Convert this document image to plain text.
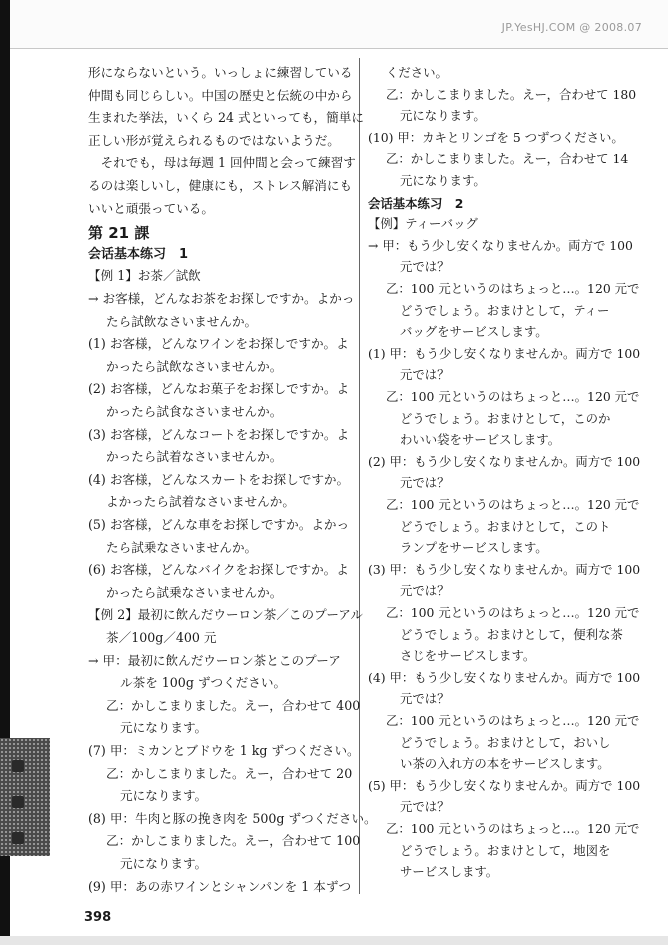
JP.YesHJ.COM @ 2008.07
形にならないという。いっしょに練習している
仲間も同じらしい。中国の歴史と伝統の中から
生まれた挙法，いくら 24 式といっても，簡単に
正しい形が覚えられるものではないようだ。
　それでも，母は毎週 1 回仲間と会って練習す
るのは楽しいし，健康にも，ストレス解消にも
いいと頑張っている。
第 21 課
会话基本练习　1
【例 1】お茶／試飲
→ お客様，どんなお茶をお探しですか。よかっ
たら試飲なさいませんか。
(1) お客様，どんなワインをお探しですか。よ
かったら試飲なさいませんか。
(2) お客様，どんなお菓子をお探しですか。よ
かったら試食なさいませんか。
(3) お客様，どんなコートをお探しですか。よ
かったら試着なさいませんか。
(4) お客様，どんなスカートをお探しですか。
よかったら試着なさいませんか。
(5) お客様，どんな車をお探しですか。よかっ
たら試乗なさいませんか。
(6) お客様，どんなバイクをお探しですか。よ
かったら試乗なさいませんか。
【例 2】最初に飲んだウーロン茶／このプーアル
茶／100g／400 元
→ 甲：最初に飲んだウーロン茶とこのプーア
ル茶を 100g ずつください。
乙：かしこまりました。えー，合わせて 400
元になります。
(7) 甲：ミカンとブドウを 1 kg ずつください。
乙：かしこまりました。えー，合わせて 20
元になります。
(8) 甲：牛肉と豚の挽き肉を 500g ずつください。
乙：かしこまりました。えー，合わせて 100
元になります。
(9) 甲：あの赤ワインとシャンパンを 1 本ずつ
ください。
乙：かしこまりました。えー，合わせて 180
元になります。
(10) 甲：カキとリンゴを 5 つずつください。
乙：かしこまりました。えー，合わせて 14
元になります。
会话基本练习　2
【例】ティーバッグ
→ 甲：もう少し安くなりませんか。両方で 100
元では？
乙：100 元というのはちょっと…。120 元で
どうでしょう。おまけとして，ティー
バッグをサービスします。
(1) 甲：もう少し安くなりませんか。両方で 100
元では？
乙：100 元というのはちょっと…。120 元で
どうでしょう。おまけとして，このか
わいい袋をサービスします。
(2) 甲：もう少し安くなりませんか。両方で 100
元では？
乙：100 元というのはちょっと…。120 元で
どうでしょう。おまけとして，このト
ランプをサービスします。
(3) 甲：もう少し安くなりませんか。両方で 100
元では？
乙：100 元というのはちょっと…。120 元で
どうでしょう。おまけとして，便利な茶
さじをサービスします。
(4) 甲：もう少し安くなりませんか。両方で 100
元では？
乙：100 元というのはちょっと…。120 元で
どうでしょう。おまけとして，おいし
い茶の入れ方の本をサービスします。
(5) 甲：もう少し安くなりませんか。両方で 100
元では？
乙：100 元というのはちょっと…。120 元で
どうでしょう。おまけとして，地図を
サービスします。
398
